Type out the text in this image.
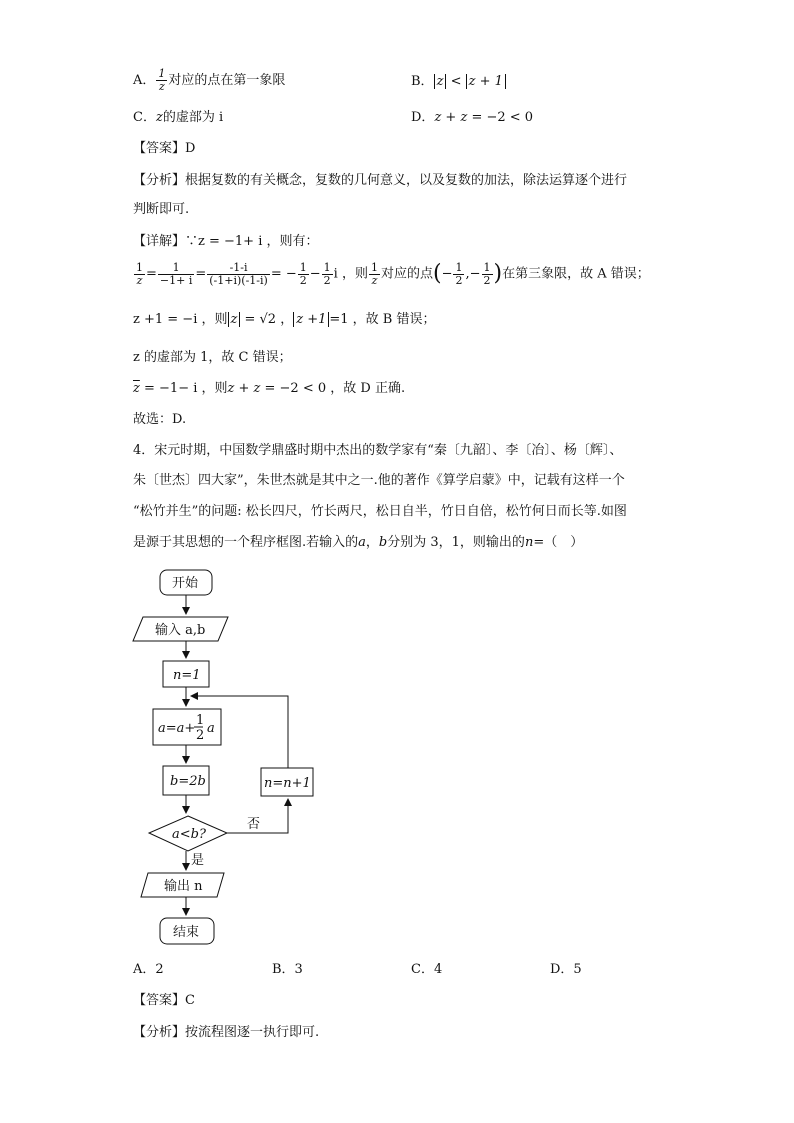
A． $\frac{1}{z}$ 对应的点在第一象限	B． z < z + 1
C．z的虚部为 i	D．z + z = −2 < 0
【答案】D
【分析】根据复数的有关概念，复数的几何意义，以及复数的加法，除法运算逐个进行
判断即可.
【详解】∵z = −1+ i ，则有：
$\frac{1}{z} = \frac{1}{-1+ i} = \frac{-1-i}{(-1+i)(-1-i)}$ = − $\frac{1}{2} - \frac{1}{2}$ i ，则 $\frac{1}{z}$ 对应的点(− $\frac{1}{2}$ ,− $\frac{1}{2}$ )在第三象限，故 A 错误；
z +1 = −i ，则 z = √2 ， z +1 =1 ，故 B 错误；
z 的虚部为 1，故 C 错误；
$\overline{z} = -1- i$ ，则z + z = −2 < 0 ，故 D 正确.
故选：D.
4．宋元时期，中国数学鼎盛时期中杰出的数学家有“秦〔九韶〕、李〔冶〕、杨〔辉〕、
朱〔世杰〕四大家”，朱世杰就是其中之一.他的著作《算学启蒙》中，记载有这样一个
“松竹并生”的问题: 松长四尺，竹长两尺，松日自半，竹日自倍，松竹何日而长等.如图
是源于其思想的一个程序框图.若输入的a，b分别为 3，1，则输出的n=（　）
开始
输入 a,b
n=1
a=a+
1
2 a
b=2b	n=n+1
a<b?
否
是
输出 n
结束
A．2	B．3	C．4	D．5
【答案】C
【分析】按流程图逐一执行即可.
